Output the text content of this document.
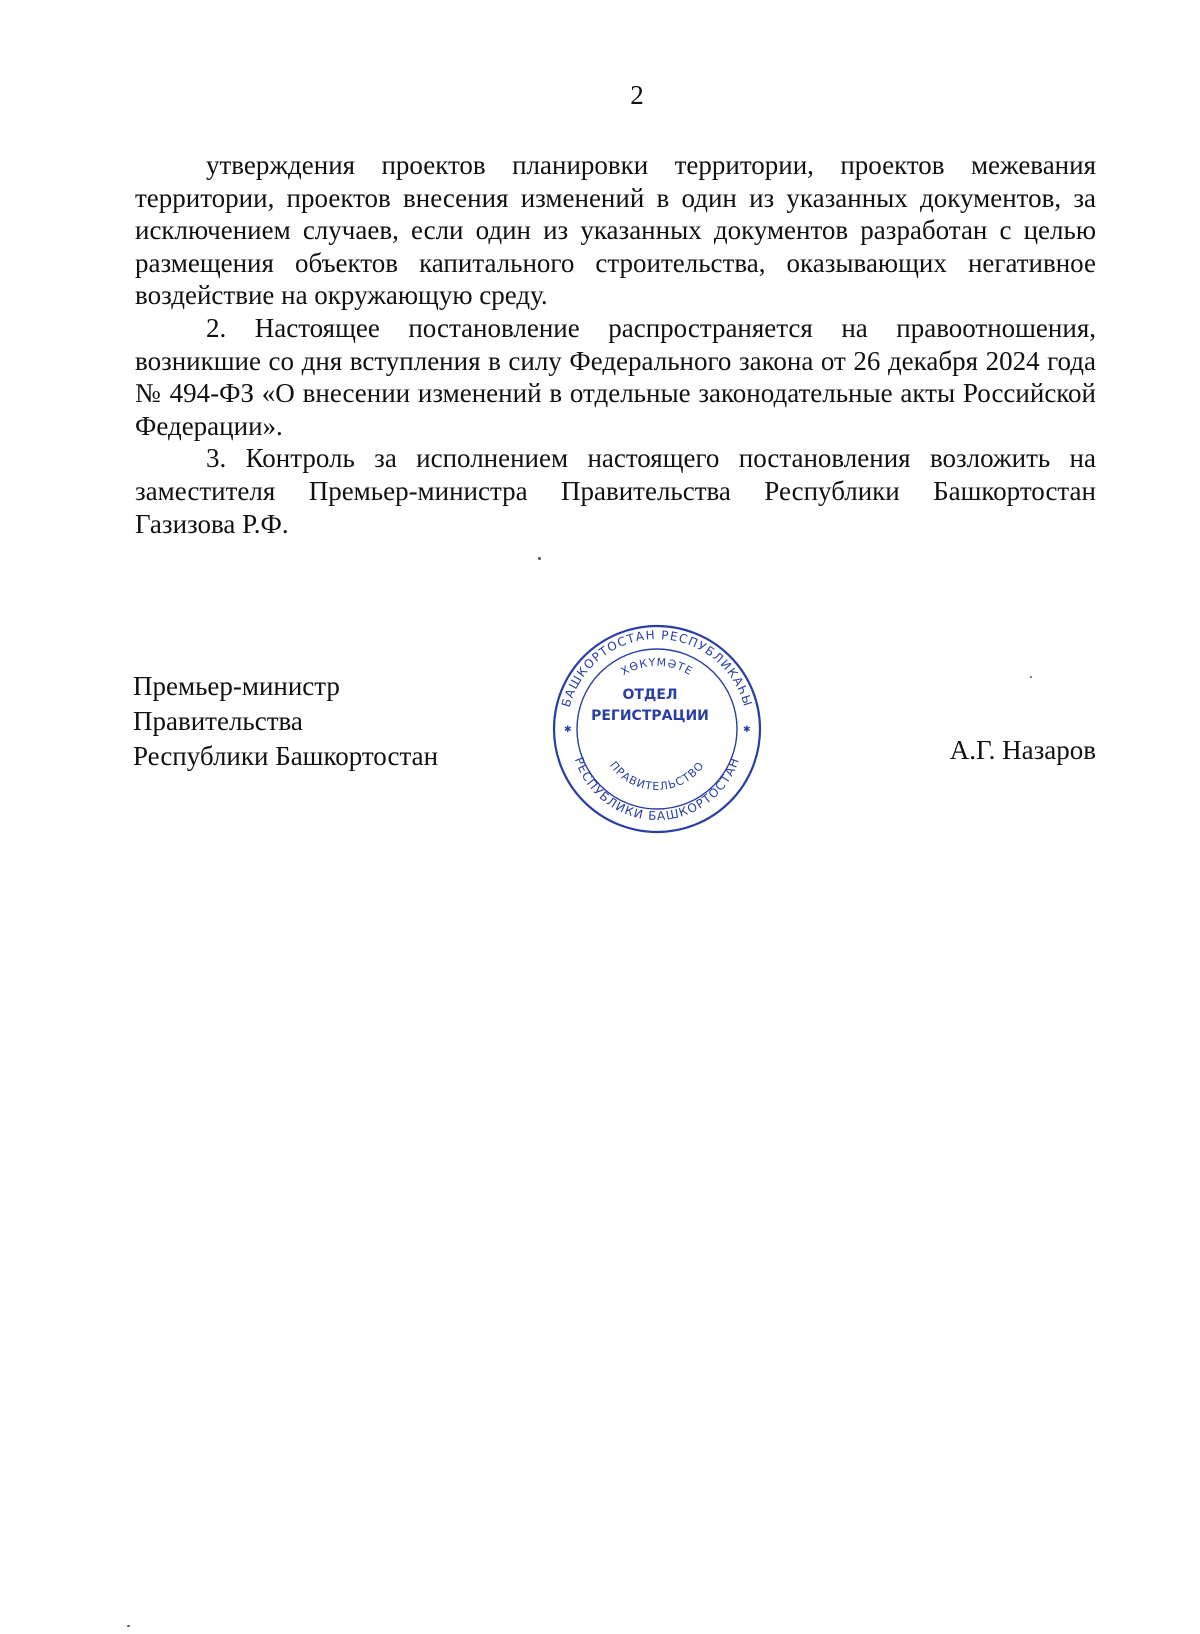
2

утверждения проектов планировки территории, проектов межевания территории, проектов внесения изменений в один из указанных документов, за исключением случаев, если один из указанных документов разработан с целью размещения объектов капитального строительства, оказывающих негативное воздействие на окружающую среду.

2. Настоящее постановление распространяется на правоотношения, возникшие со дня вступления в силу Федерального закона от 26 декабря 2024 года № 494-ФЗ «О внесении изменений в отдельные законодательные акты Российской Федерации».

3. Контроль за исполнением настоящего постановления возложить на заместителя Премьер-министра Правительства Республики Башкортостан Газизова Р.Ф.

Премьер-министр
Правительства
Республики Башкортостан
БАШКОРТОСТАН РЕСПУБЛИКАҺЫ
РЕСПУБЛИКИ БАШКОРТОСТАН
ХӨКҮМӘТЕ
ПРАВИТЕЛЬСТВО
✱	✱
ОТДЕЛ
РЕГИСТРАЦИИ
А.Г. Назаров
